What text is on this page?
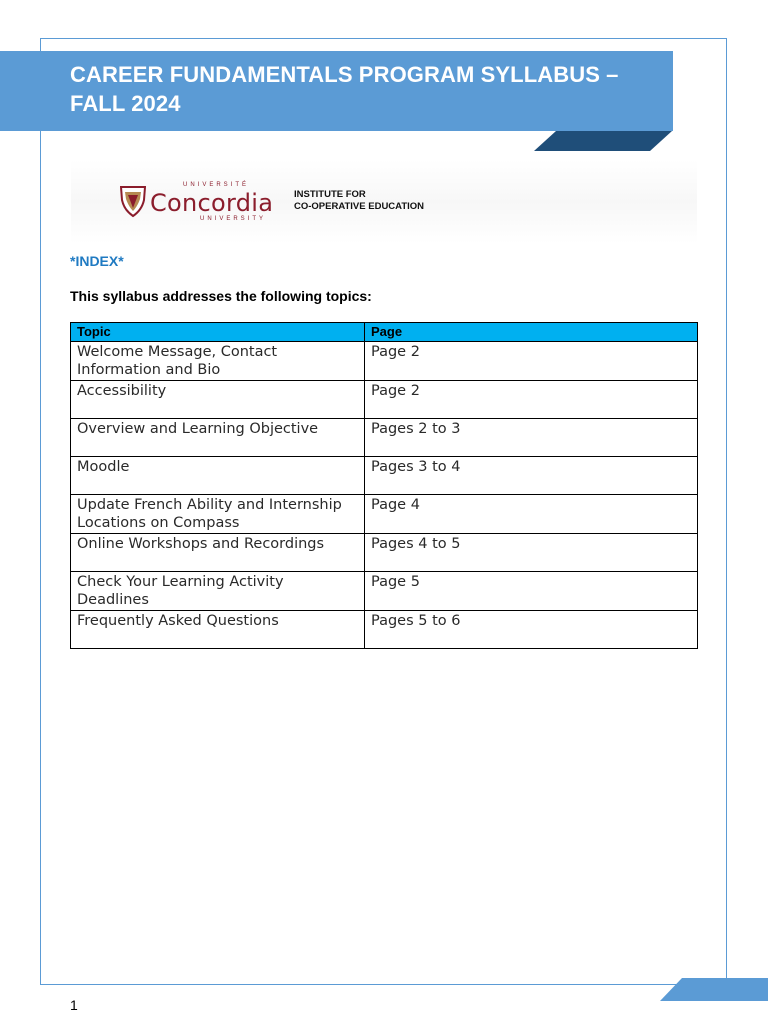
CAREER FUNDAMENTALS PROGRAM SYLLABUS – FALL 2024
UNIVERSITÉ
Concordia
UNIVERSITY
INSTITUTE FOR
CO-OPERATIVE EDUCATION

*INDEX*

This syllabus addresses the following topics:

Topic	Page
Welcome Message, Contact Information and Bio	Page 2
Accessibility	Page 2
Overview and Learning Objective	Pages 2 to 3
Moodle	Pages 3 to 4
Update French Ability and Internship Locations on Compass	Page 4
Online Workshops and Recordings	Pages 4 to 5
Check Your Learning Activity Deadlines	Page 5
Frequently Asked Questions	Pages 5 to 6
1
